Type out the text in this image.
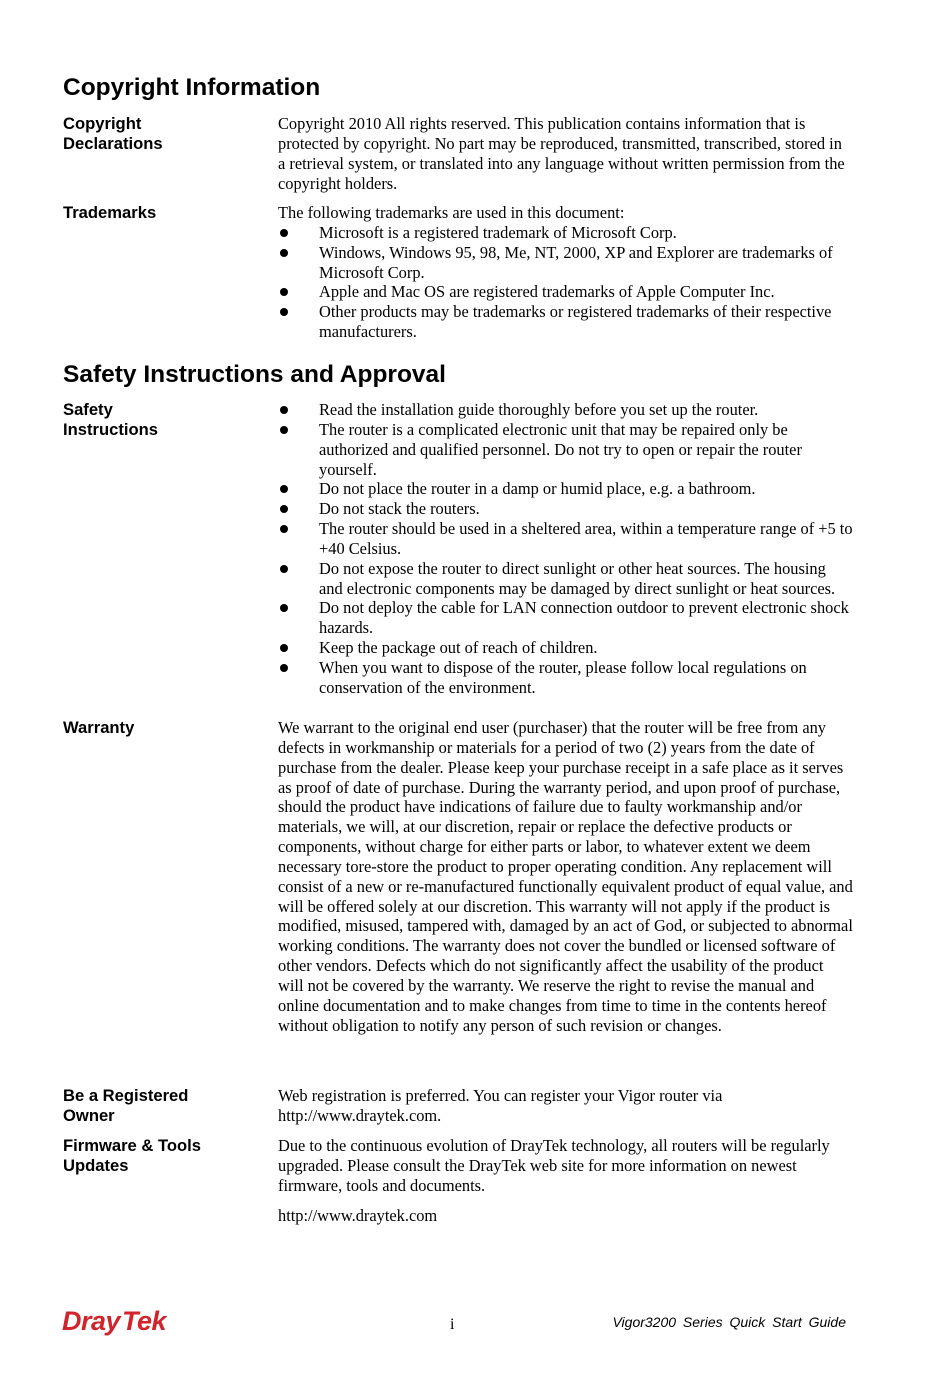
Copyright Information
Copyright
Declarations

Copyright 2010 All rights reserved. This publication contains information that is protected by copyright. No part may be reproduced, transmitted, transcribed, stored in a retrieval system, or translated into any language without written permission from the copyright holders.

Trademarks	The following trademarks are used in this document:

Microsoft is a registered trademark of Microsoft Corp.
Windows, Windows 95, 98, Me, NT, 2000, XP and Explorer are trademarks of Microsoft Corp.
Apple and Mac OS are registered trademarks of Apple Computer Inc.
Other products may be trademarks or registered trademarks of their respective manufacturers.
Safety Instructions and Approval
Safety
Instructions
Read the installation guide thoroughly before you set up the router.
The router is a complicated electronic unit that may be repaired only be authorized and qualified personnel. Do not try to open or repair the router yourself.
Do not place the router in a damp or humid place, e.g. a bathroom.
Do not stack the routers.
The router should be used in a sheltered area, within a temperature range of +5 to +40 Celsius.
Do not expose the router to direct sunlight or other heat sources. The housing and electronic components may be damaged by direct sunlight or heat sources.
Do not deploy the cable for LAN connection outdoor to prevent electronic shock hazards.
Keep the package out of reach of children.
When you want to dispose of the router, please follow local regulations on conservation of the environment.
Warranty	We warrant to the original end user (purchaser) that the router will be free from any defects in workmanship or materials for a period of two (2) years from the date of purchase from the dealer. Please keep your purchase receipt in a safe place as it serves as proof of date of purchase. During the warranty period, and upon proof of purchase, should the product have indications of failure due to faulty workmanship and/or materials, we will, at our discretion, repair or replace the defective products or components, without charge for either parts or labor, to whatever extent we deem necessary tore-store the product to proper operating condition. Any replacement will consist of a new or re-manufactured functionally equivalent product of equal value, and will be offered solely at our discretion. This warranty will not apply if the product is modified, misused, tampered with, damaged by an act of God, or subjected to abnormal working conditions. The warranty does not cover the bundled or licensed software of other vendors. Defects which do not significantly affect the usability of the product will not be covered by the warranty. We reserve the right to revise the manual and online documentation and to make changes from time to time in the contents hereof without obligation to notify any person of such revision or changes.

Be a Registered
Owner

Web registration is preferred. You can register your Vigor router via http://www.draytek.com.

Firmware & Tools
Updates

Due to the continuous evolution of DrayTek technology, all routers will be regularly upgraded. Please consult the DrayTek web site for more information on newest firmware, tools and documents.

http://www.draytek.com

DrayTek	i	Vigor3200 Series Quick Start Guide
